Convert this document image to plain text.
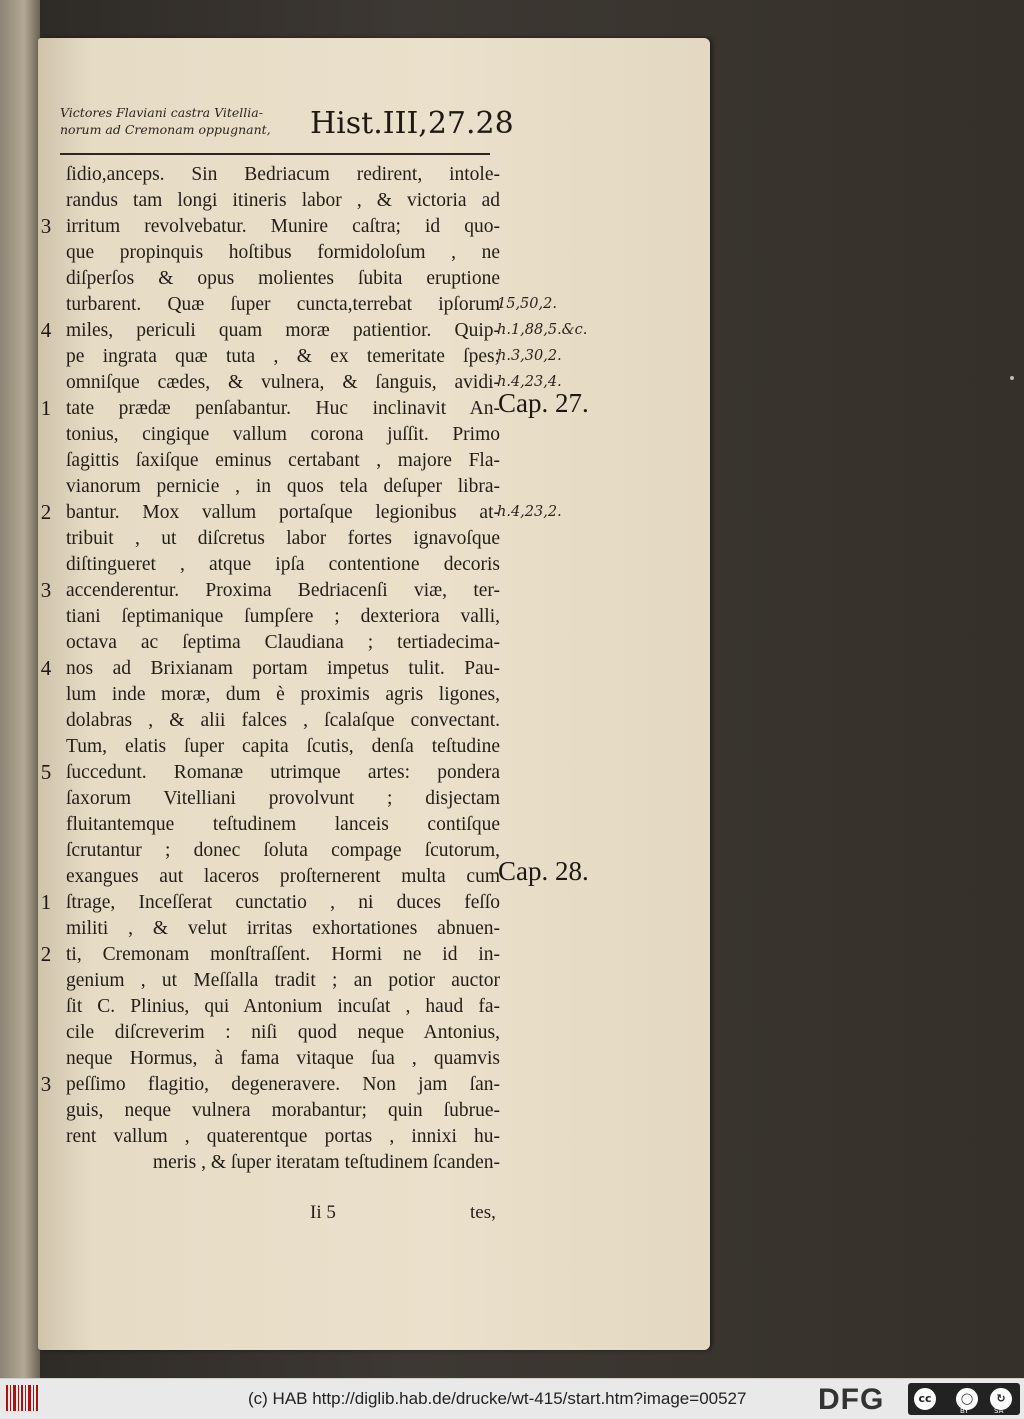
Victores Flaviani castra Vitellia-
norum ad Cremonam oppugnant,	Hist.III,27.28
ſidio,anceps. Sin Bedriacum redirent, intole-
randus tam longi itineris labor , & victoria ad
irritum revolvebatur. Munire caſtra; id quo-
que propinquis hoſtibus formidoloſum , ne
diſperſos & opus molientes ſubita eruptione
turbarent. Quæ ſuper cuncta,terrebat ipſorum
miles, periculi quam moræ patientior. Quip-
pe ingrata quæ tuta , & ex temeritate ſpes;
omniſque cædes, & vulnera, & ſanguis, avidi-
tate prædæ penſabantur. Huc inclinavit An-
tonius, cingique vallum corona juſſit. Primo
ſagittis ſaxiſque eminus certabant , majore Fla-
vianorum pernicie , in quos tela deſuper libra-
bantur. Mox vallum portaſque legionibus at-
tribuit , ut diſcretus labor fortes ignavoſque
diſtingueret , atque ipſa contentione decoris
accenderentur. Proxima Bedriacenſi viæ, ter-
tiani ſeptimanique ſumpſere ; dexteriora valli,
octava ac ſeptima Claudiana ; tertiadecima-
nos ad Brixianam portam impetus tulit. Pau-
lum inde moræ, dum è proximis agris ligones,
dolabras , & alii falces , ſcalaſque convectant.
Tum, elatis ſuper capita ſcutis, denſa teſtudine
ſuccedunt. Romanæ utrimque artes: pondera
ſaxorum Vitelliani provolvunt ; disjectam
fluitantemque teſtudinem lanceis contiſque
ſcrutantur ; donec ſoluta compage ſcutorum,
exangues aut laceros proſternerent multa cum
ſtrage, Inceſſerat cunctatio , ni duces feſſo
militi , & velut irritas exhortationes abnuen-
ti, Cremonam monſtraſſent. Hormi ne id in-
genium , ut Meſſalla tradit ; an potior auctor
ſit C. Plinius, qui Antonium incuſat , haud fa-
cile diſcreverim : niſi quod neque Antonius,
neque Hormus, à fama vitaque ſua , quamvis
peſſimo flagitio, degeneravere. Non jam ſan-
guis, neque vulnera morabantur; quin ſubrue-
rent vallum , quaterentque portas , innixi hu-
meris , & ſuper iteratam teſtudinem ſcanden-
3
4
1
2
3
4
5
1
2
3
15,50,2.
h.1,88,5.&c.
h.3,30,2.
h.4,23,4.
h.4,23,2.
Cap. 27.
Cap. 28.
Ii 5	tes,
(c) HAB http://diglib.hab.de/drucke/wt-415/start.htm?image=00527 DFG	cc	◯	↻
BY	SA
